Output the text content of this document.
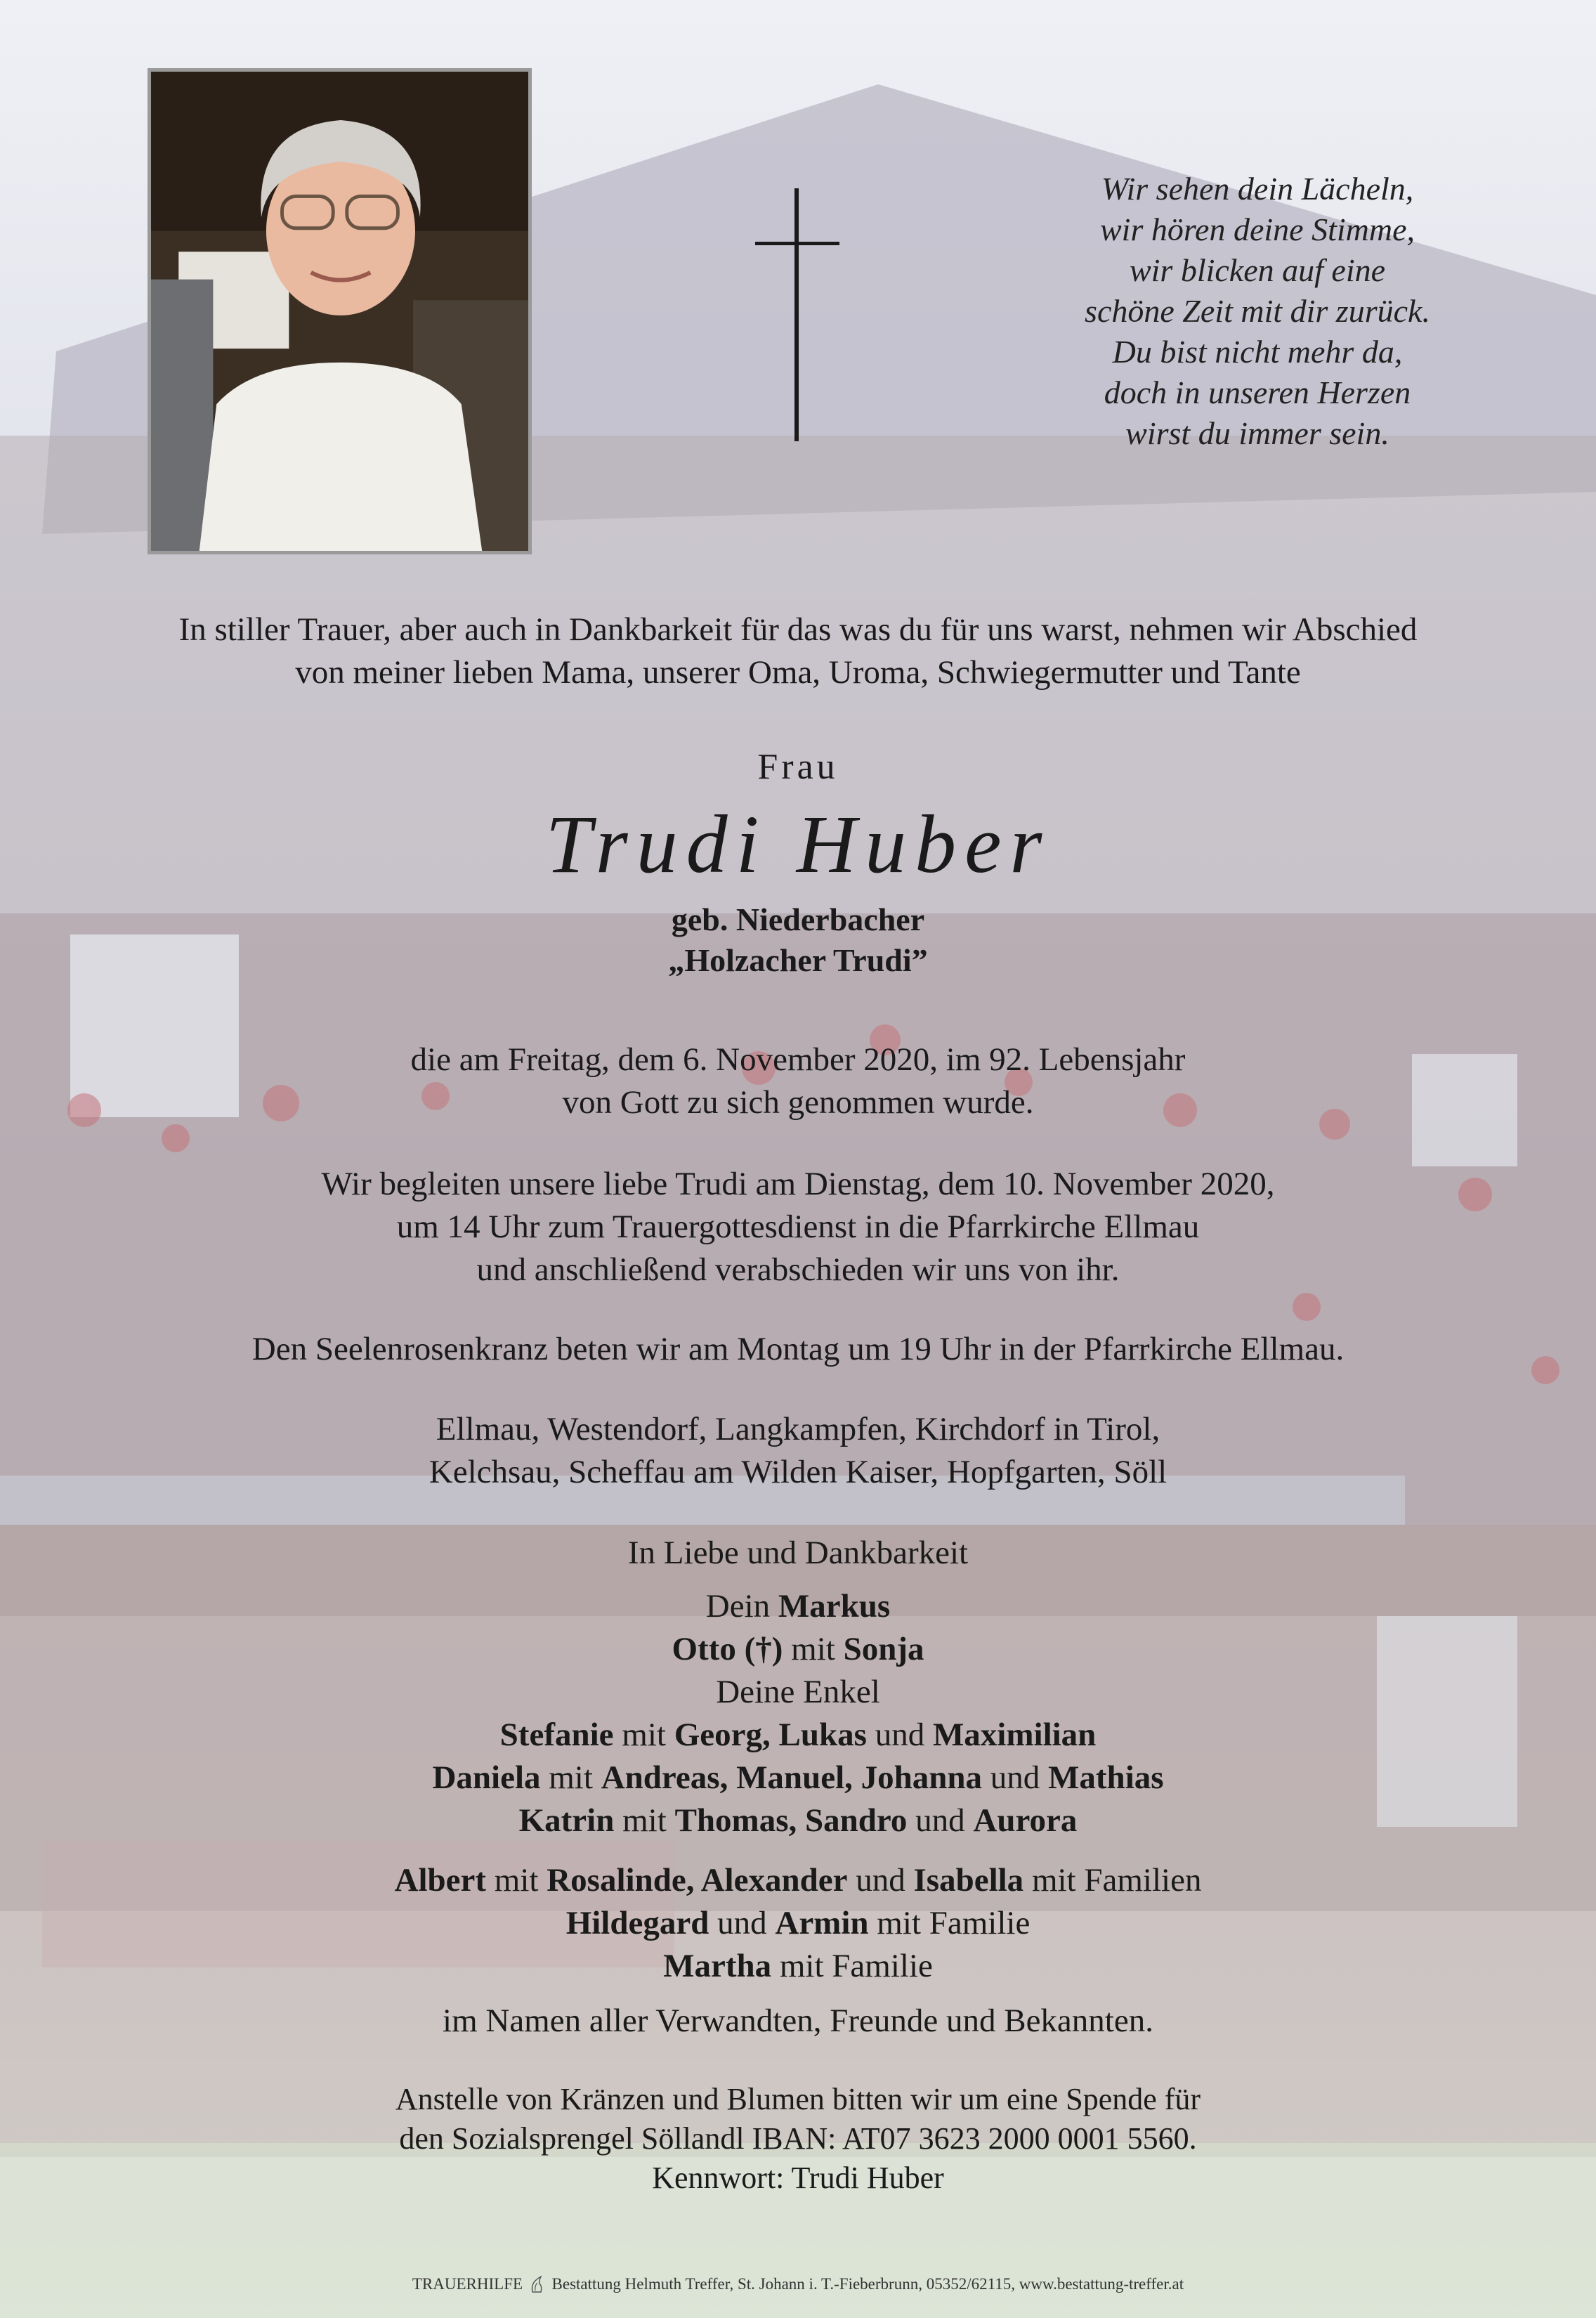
Wir sehen dein Lächeln,
wir hören deine Stimme,
wir blicken auf eine
schöne Zeit mit dir zurück.
Du bist nicht mehr da,
doch in unseren Herzen
wirst du immer sein.
In stiller Trauer, aber auch in Dankbarkeit für das was du für uns warst, nehmen wir Abschied
von meiner lieben Mama, unserer Oma, Uroma, Schwiegermutter und Tante
Frau
Trudi Huber
geb. Niederbacher
„Holzacher Trudi”
die am Freitag, dem 6. November 2020, im 92. Lebensjahr
von Gott zu sich genommen wurde.
Wir begleiten unsere liebe Trudi am Dienstag, dem 10. November 2020,
um 14 Uhr zum Trauergottesdienst in die Pfarrkirche Ellmau
und anschließend verabschieden wir uns von ihr.
Den Seelenrosenkranz beten wir am Montag um 19 Uhr in der Pfarrkirche Ellmau.
Ellmau, Westendorf, Langkampfen, Kirchdorf in Tirol,
Kelchsau, Scheffau am Wilden Kaiser, Hopfgarten, Söll
In Liebe und Dankbarkeit
Dein Markus
Otto (†) mit Sonja
Deine Enkel
Stefanie mit Georg, Lukas und Maximilian
Daniela mit Andreas, Manuel, Johanna und Mathias
Katrin mit Thomas, Sandro und Aurora
Albert mit Rosalinde, Alexander und Isabella mit Familien
Hildegard und Armin mit Familie
Martha mit Familie
im Namen aller Verwandten, Freunde und Bekannten.
Anstelle von Kränzen und Blumen bitten wir um eine Spende für
den Sozialsprengel Söllandl IBAN: AT07 3623 2000 0001 5560.
Kennwort: Trudi Huber
TRAUERHILFE Bestattung Helmuth Treffer, St. Johann i. T.-Fieberbrunn, 05352/62115, www.bestattung-treffer.at
